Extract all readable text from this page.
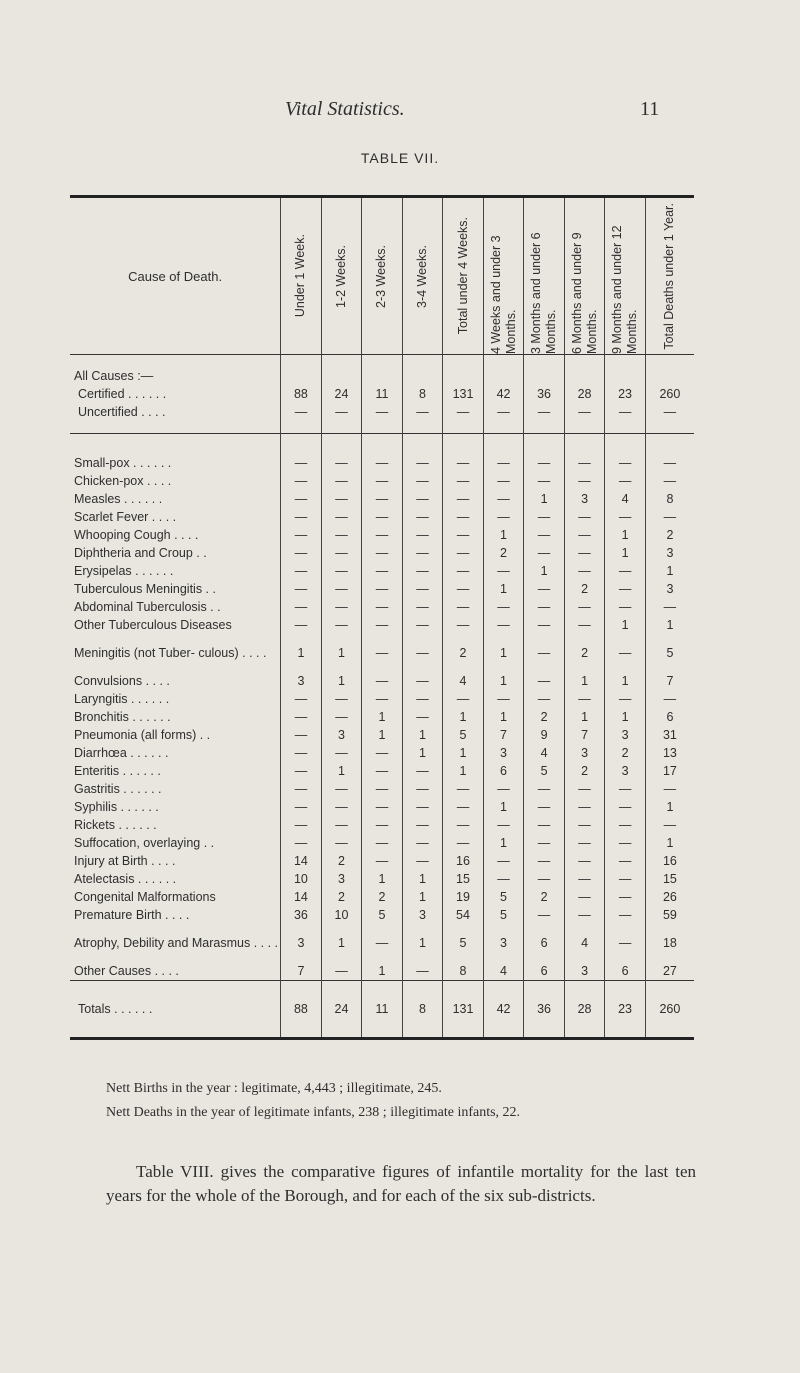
Vital Statistics.	11
TABLE VII.
Cause of Death.	Under 1 Week.	1-2 Weeks.	2-3 Weeks.	3-4 Weeks.	Total under 4 Weeks.	4 Weeks and under 3 Months.	3 Months and under 6 Months.	6 Months and under 9 Months.	9 Months and under 12 Months.	Total Deaths under 1 Year.

All Causes :—										
Certified . . . . . .	88	24	11	8	131	42	36	28	23	260
Uncertified . . . .	—	—	—	—	—	—	—	—	—	—

Small-pox . . . . . .	—	—	—	—	—	—	—	—	—	—
Chicken-pox . . . .	—	—	—	—	—	—	—	—	—	—
Measles . . . . . .	—	—	—	—	—	—	1	3	4	8
Scarlet Fever . . . .	—	—	—	—	—	—	—	—	—	—
Whooping Cough . . . .	—	—	—	—	—	1	—	—	1	2
Diphtheria and Croup . .	—	—	—	—	—	2	—	—	1	3
Erysipelas . . . . . .	—	—	—	—	—	—	1	—	—	1
Tuberculous Meningitis . .	—	—	—	—	—	1	—	2	—	3
Abdominal Tuberculosis . .	—	—	—	—	—	—	—	—	—	—
Other Tuberculous Diseases	—	—	—	—	—	—	—	—	1	1
Meningitis (not Tuber- culous) . . . .	1	1	—	—	2	1	—	2	—	5
Convulsions . . . .	3	1	—	—	4	1	—	1	1	7
Laryngitis . . . . . .	—	—	—	—	—	—	—	—	—	—
Bronchitis . . . . . .	—	—	1	—	1	1	2	1	1	6
Pneumonia (all forms) . .	—	3	1	1	5	7	9	7	3	31
Diarrhœa . . . . . .	—	—	—	1	1	3	4	3	2	13
Enteritis . . . . . .	—	1	—	—	1	6	5	2	3	17
Gastritis . . . . . .	—	—	—	—	—	—	—	—	—	—
Syphilis . . . . . .	—	—	—	—	—	1	—	—	—	1
Rickets . . . . . .	—	—	—	—	—	—	—	—	—	—
Suffocation, overlaying . .	—	—	—	—	—	1	—	—	—	1
Injury at Birth . . . .	14	2	—	—	16	—	—	—	—	16
Atelectasis . . . . . .	10	3	1	1	15	—	—	—	—	15
Congenital Malformations	14	2	2	1	19	5	2	—	—	26
Premature Birth . . . .	36	10	5	3	54	5	—	—	—	59
Atrophy, Debility and Marasmus . . . .	3	1	—	1	5	3	6	4	—	18
Other Causes . . . .	7	—	1	—	8	4	6	3	6	27
Totals . . . . . .	88	24	11	8	131	42	36	28	23	260

Nett Births in the year : legitimate, 4,443 ; illegitimate, 245.

Nett Deaths in the year of legitimate infants, 238 ; illegitimate infants, 22.

Table VIII. gives the comparative figures of infantile mortality for the last ten years for the whole of the Borough, and for each of the six sub-districts.
